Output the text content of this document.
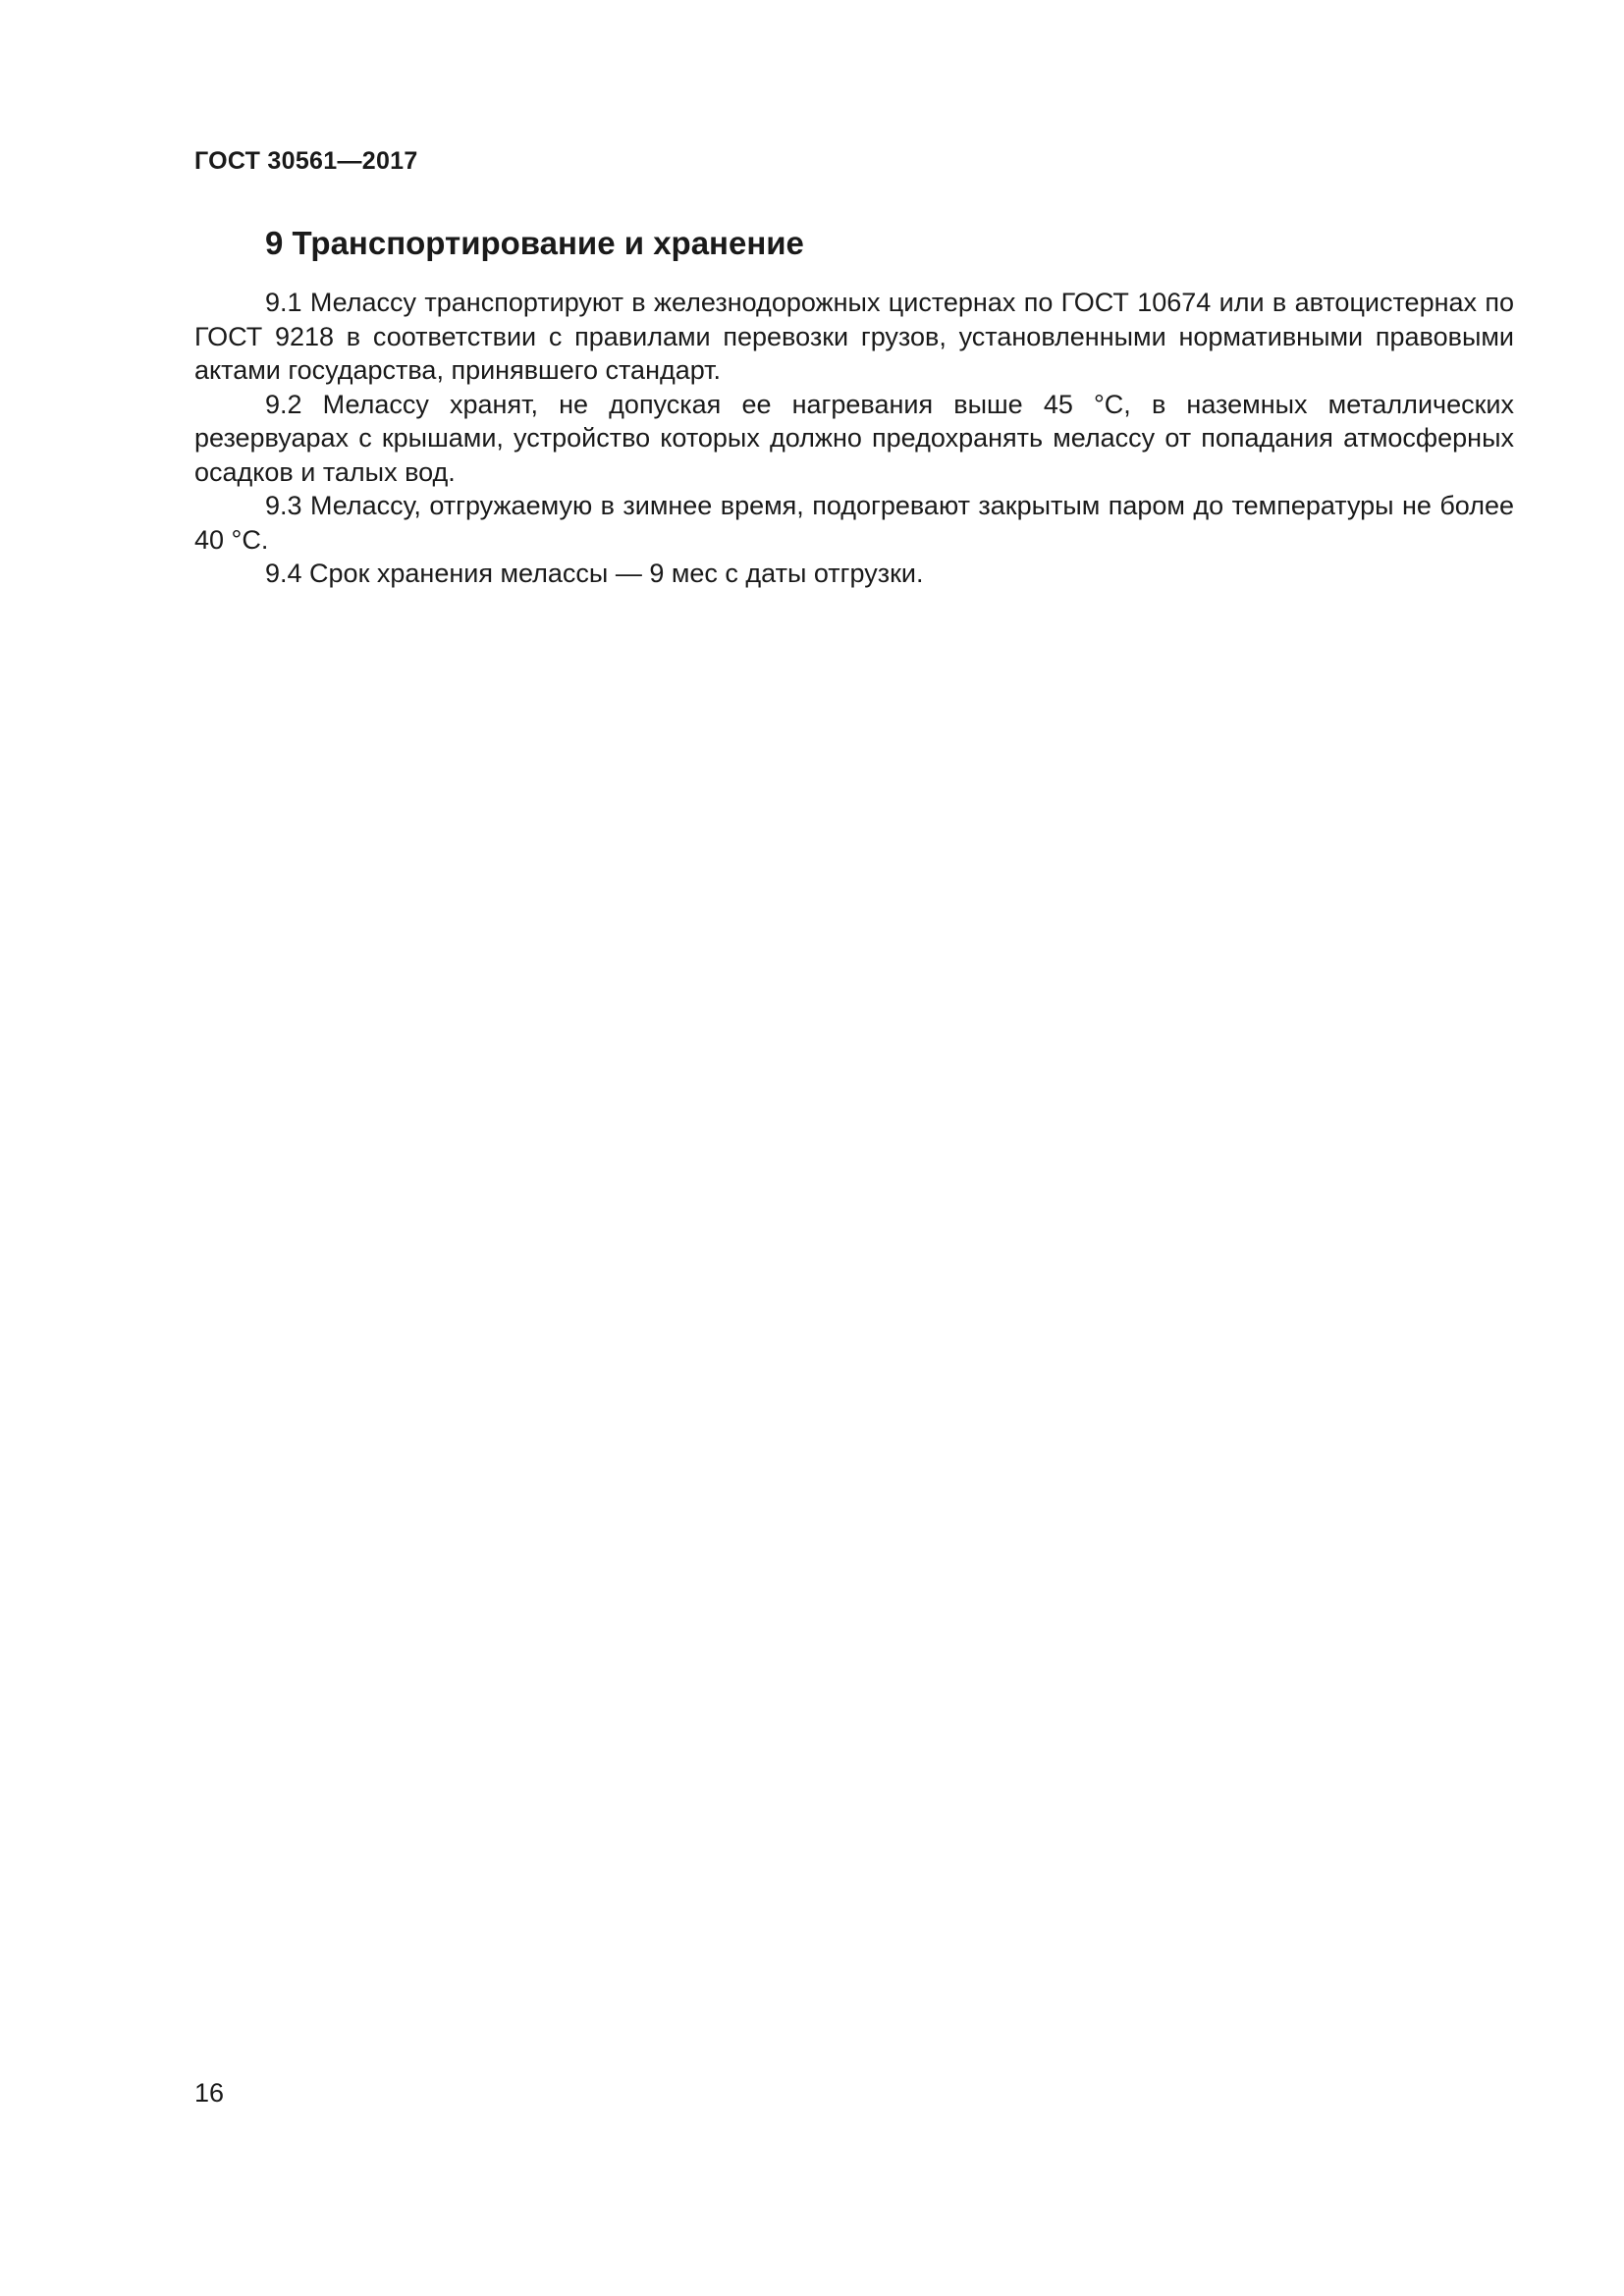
ГОСТ 30561—2017
9 Транспортирование и хранение

9.1 Мелассу транспортируют в железнодорожных цистернах по ГОСТ 10674 или в автоцистернах по ГОСТ 9218 в соответствии с правилами перевозки грузов, установленными нормативными правовыми актами государства, принявшего стандарт.

9.2 Мелассу хранят, не допуская ее нагревания выше 45 °С, в наземных металлических резервуарах с крышами, устройство которых должно предохранять мелассу от попадания атмосферных осадков и талых вод.

9.3 Мелассу, отгружаемую в зимнее время, подогревают закрытым паром до температуры не более 40 °С.

9.4 Срок хранения мелассы — 9 мес с даты отгрузки.

16
